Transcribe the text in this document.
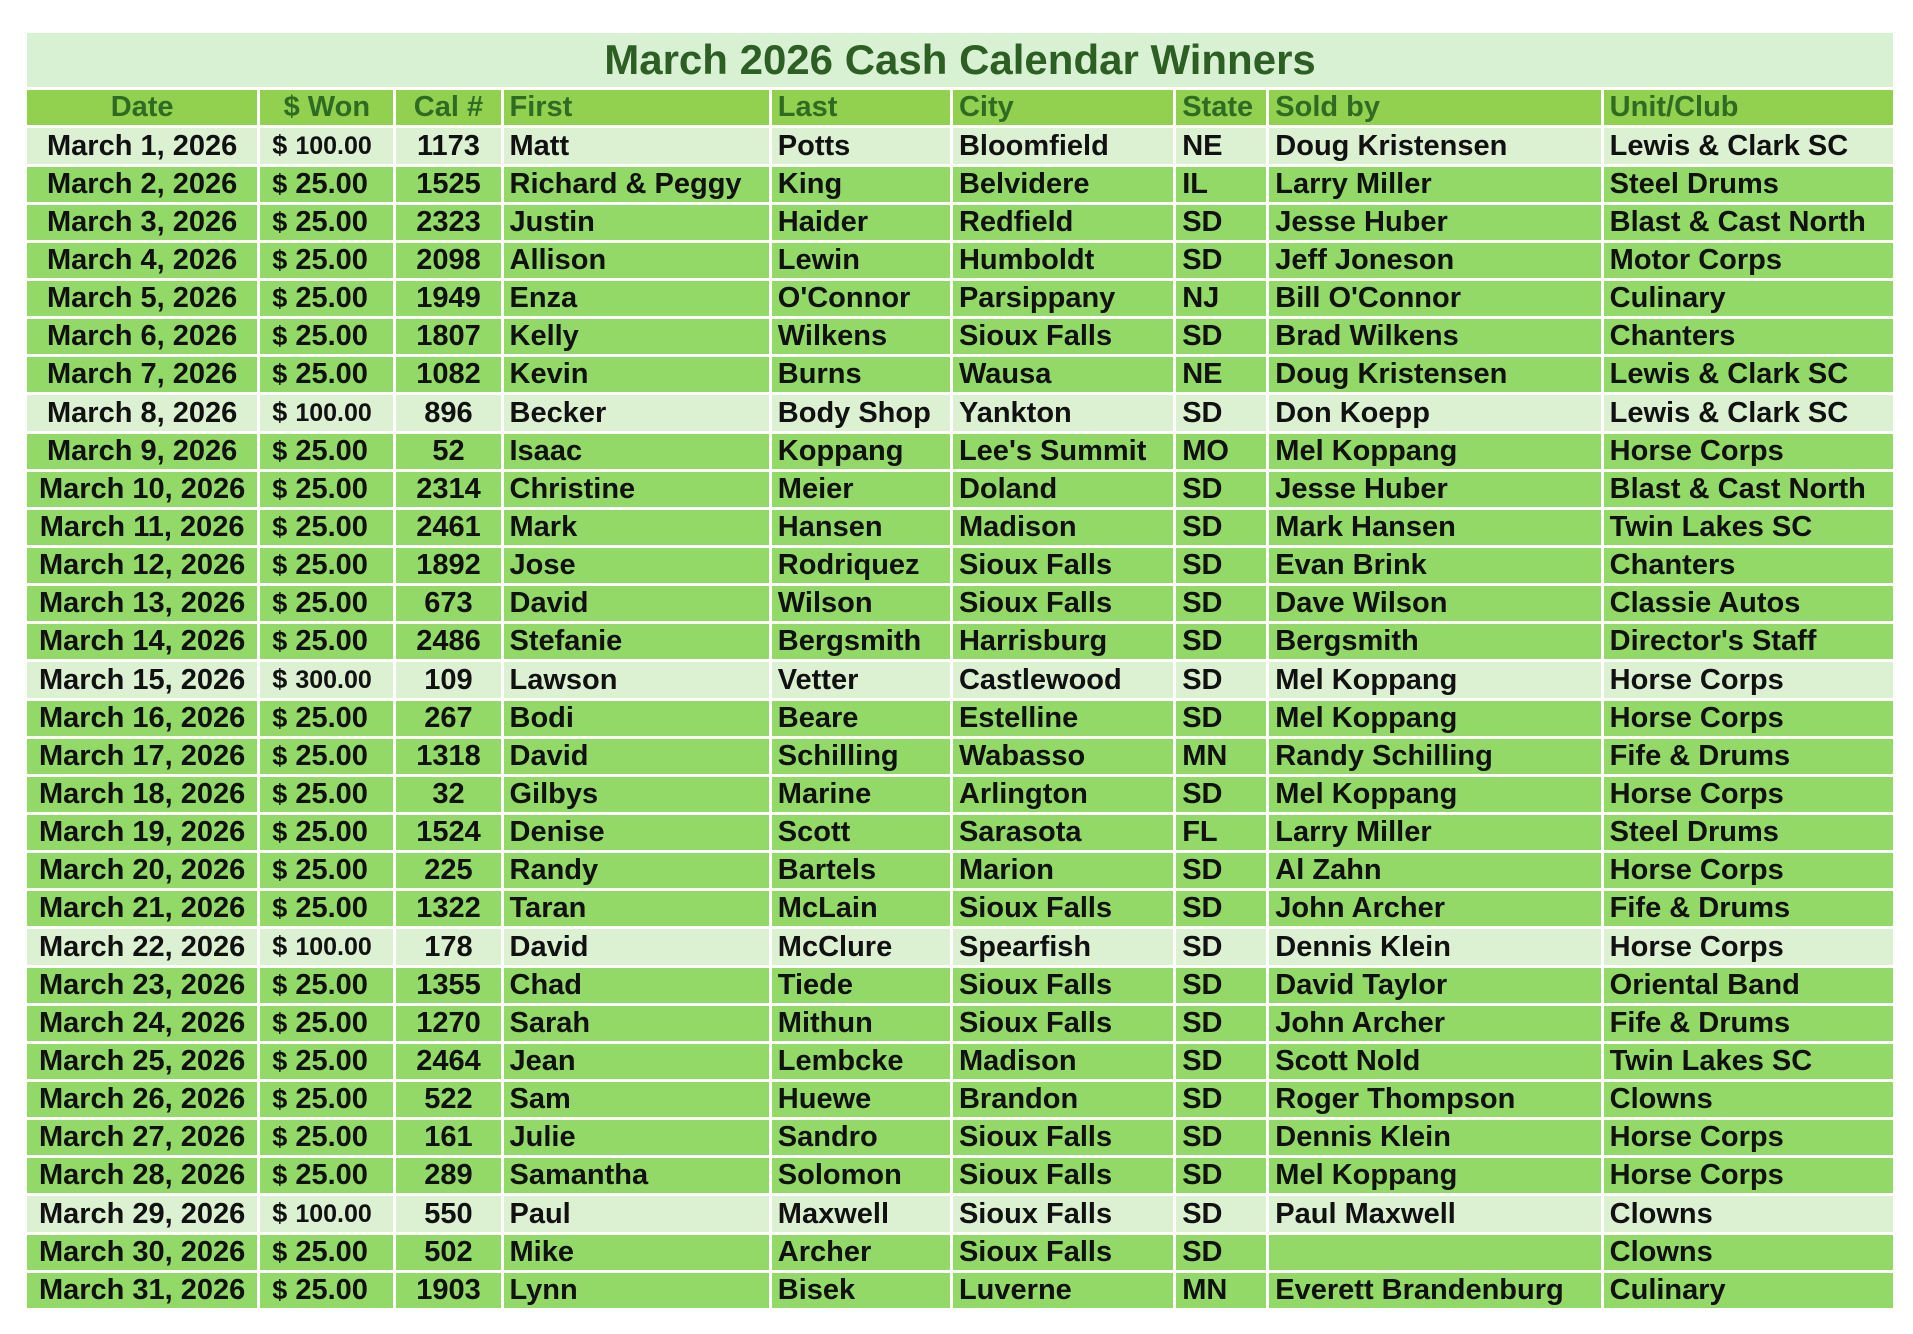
March 2026 Cash Calendar Winners
Date	$ Won	Cal #	First	Last	City	State	Sold by	Unit/Club
March 1, 2026	$ 100.00	1173	Matt	Potts	Bloomfield	NE	Doug Kristensen	Lewis & Clark SC
March 2, 2026	$ 25.00	1525	Richard & Peggy	King	Belvidere	IL	Larry Miller	Steel Drums
March 3, 2026	$ 25.00	2323	Justin	Haider	Redfield	SD	Jesse Huber	Blast & Cast North
March 4, 2026	$ 25.00	2098	Allison	Lewin	Humboldt	SD	Jeff Joneson	Motor Corps
March 5, 2026	$ 25.00	1949	Enza	O'Connor	Parsippany	NJ	Bill O'Connor	Culinary
March 6, 2026	$ 25.00	1807	Kelly	Wilkens	Sioux Falls	SD	Brad Wilkens	Chanters
March 7, 2026	$ 25.00	1082	Kevin	Burns	Wausa	NE	Doug Kristensen	Lewis & Clark SC
March 8, 2026	$ 100.00	896	Becker	Body Shop	Yankton	SD	Don Koepp	Lewis & Clark SC
March 9, 2026	$ 25.00	52	Isaac	Koppang	Lee's Summit	MO	Mel Koppang	Horse Corps
March 10, 2026	$ 25.00	2314	Christine	Meier	Doland	SD	Jesse Huber	Blast & Cast North
March 11, 2026	$ 25.00	2461	Mark	Hansen	Madison	SD	Mark Hansen	Twin Lakes SC
March 12, 2026	$ 25.00	1892	Jose	Rodriquez	Sioux Falls	SD	Evan Brink	Chanters
March 13, 2026	$ 25.00	673	David	Wilson	Sioux Falls	SD	Dave Wilson	Classie Autos
March 14, 2026	$ 25.00	2486	Stefanie	Bergsmith	Harrisburg	SD	Bergsmith	Director's Staff
March 15, 2026	$ 300.00	109	Lawson	Vetter	Castlewood	SD	Mel Koppang	Horse Corps
March 16, 2026	$ 25.00	267	Bodi	Beare	Estelline	SD	Mel Koppang	Horse Corps
March 17, 2026	$ 25.00	1318	David	Schilling	Wabasso	MN	Randy Schilling	Fife & Drums
March 18, 2026	$ 25.00	32	Gilbys	Marine	Arlington	SD	Mel Koppang	Horse Corps
March 19, 2026	$ 25.00	1524	Denise	Scott	Sarasota	FL	Larry Miller	Steel Drums
March 20, 2026	$ 25.00	225	Randy	Bartels	Marion	SD	Al Zahn	Horse Corps
March 21, 2026	$ 25.00	1322	Taran	McLain	Sioux Falls	SD	John Archer	Fife & Drums
March 22, 2026	$ 100.00	178	David	McClure	Spearfish	SD	Dennis Klein	Horse Corps
March 23, 2026	$ 25.00	1355	Chad	Tiede	Sioux Falls	SD	David Taylor	Oriental Band
March 24, 2026	$ 25.00	1270	Sarah	Mithun	Sioux Falls	SD	John Archer	Fife & Drums
March 25, 2026	$ 25.00	2464	Jean	Lembcke	Madison	SD	Scott Nold	Twin Lakes SC
March 26, 2026	$ 25.00	522	Sam	Huewe	Brandon	SD	Roger Thompson	Clowns
March 27, 2026	$ 25.00	161	Julie	Sandro	Sioux Falls	SD	Dennis Klein	Horse Corps
March 28, 2026	$ 25.00	289	Samantha	Solomon	Sioux Falls	SD	Mel Koppang	Horse Corps
March 29, 2026	$ 100.00	550	Paul	Maxwell	Sioux Falls	SD	Paul Maxwell	Clowns
March 30, 2026	$ 25.00	502	Mike	Archer	Sioux Falls	SD		Clowns
March 31, 2026	$ 25.00	1903	Lynn	Bisek	Luverne	MN	Everett Brandenburg	Culinary
